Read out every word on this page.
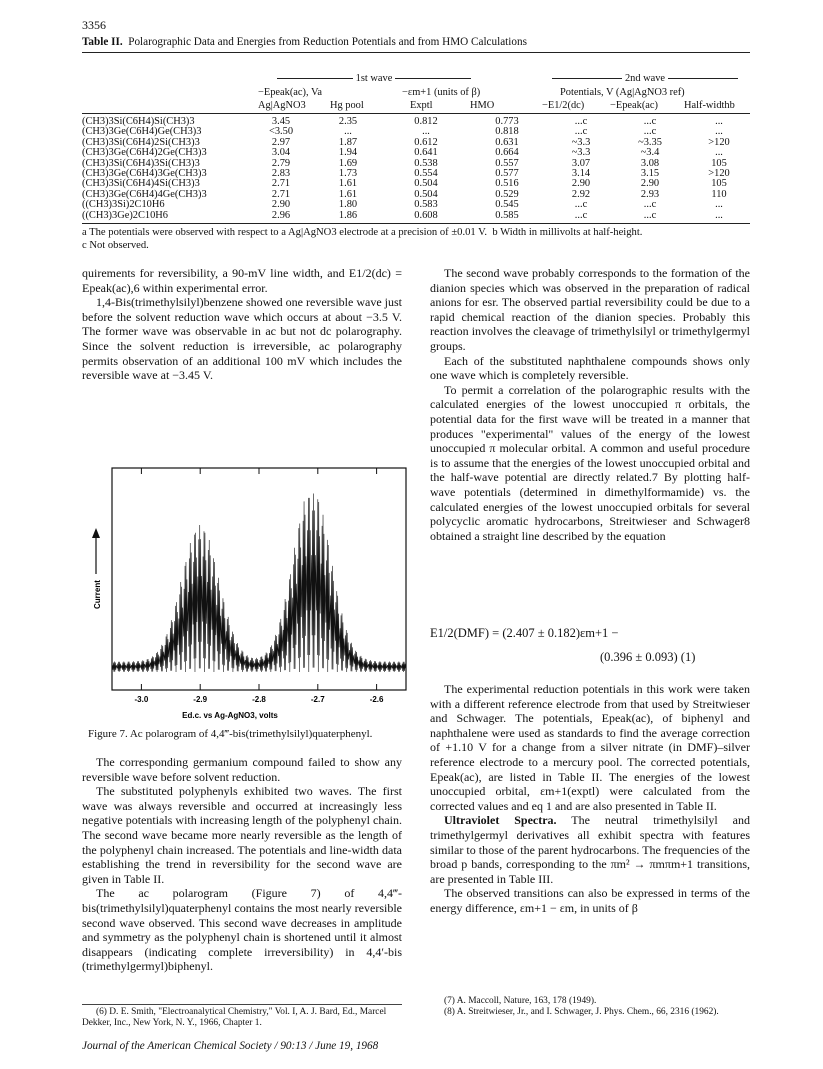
3356
Table II. Polarographic Data and Energies from Reduction Potentials and from HMO Calculations
1st wave	2nd wave
−Epeak(ac), Va	−εm+1 (units of β)	Potentials, V (Ag|AgNO3 ref)
Ag|AgNO3 Hg pool	Exptl	HMO	−E1/2(dc) −Epeak(ac)	Half-widthb
(CH3)3Si(C6H4)Si(CH3)3	3.45	2.35	0.812	0.773	...c	...c	...
(CH3)3Ge(C6H4)Ge(CH3)3	<3.50	...	...	0.818	...c	...c	...
(CH3)3Si(C6H4)2Si(CH3)3	2.97	1.87	0.612	0.631	~3.3	~3.35	>120
(CH3)3Ge(C6H4)2Ge(CH3)3	3.04	1.94	0.641	0.664	~3.3	~3.4	...
(CH3)3Si(C6H4)3Si(CH3)3	2.79	1.69	0.538	0.557	3.07	3.08	105
(CH3)3Ge(C6H4)3Ge(CH3)3	2.83	1.73	0.554	0.577	3.14	3.15	>120
(CH3)3Si(C6H4)4Si(CH3)3	2.71	1.61	0.504	0.516	2.90	2.90	105
(CH3)3Ge(C6H4)4Ge(CH3)3	2.71	1.61	0.504	0.529	2.92	2.93	110
((CH3)3Si)2C10H6	2.90	1.80	0.583	0.545	...c	...c	...
((CH3)3Ge)2C10H6	2.96	1.86	0.608	0.585	...c	...c	...
a The potentials were observed with respect to a Ag|AgNO3 electrode at a precision of ±0.01 V. b Width in millivolts at half-height.
c Not observed.

quirements for reversibility, a 90-mV line width, and E1/2(dc) = Epeak(ac),6 within experimental error.

1,4-Bis(trimethylsilyl)benzene showed one reversible wave just before the solvent reduction wave which occurs at about −3.5 V. The former wave was observable in ac but not dc polarography. Since the solvent reduction is irreversible, ac polarography permits observation of an additional 100 mV which includes the reversible wave at −3.45 V.

-3.0	-2.9	-2.8	-2.7	-2.6
Current
Ed.c. vs Ag-AgNO3, volts
Figure 7. Ac polarogram of 4,4‴-bis(trimethylsilyl)quaterphenyl.

The corresponding germanium compound failed to show any reversible wave before solvent reduction.

The substituted polyphenyls exhibited two waves. The first wave was always reversible and occurred at increasingly less negative potentials with increasing length of the polyphenyl chain. The second wave became more nearly reversible as the length of the polyphenyl chain increased. The potentials and line-width data establishing the trend in reversibility for the second wave are given in Table II.

The ac polarogram (Figure 7) of 4,4‴-bis(trimethylsilyl)quaterphenyl contains the most nearly reversible second wave observed. This second wave decreases in amplitude and symmetry as the polyphenyl chain is shortened until it almost disappears (indicating complete irreversibility) in 4,4′-bis (trimethylgermyl)biphenyl.

(6) D. E. Smith, "Electroanalytical Chemistry," Vol. I, A. J. Bard, Ed., Marcel Dekker, Inc., New York, N. Y., 1966, Chapter 1.

The second wave probably corresponds to the formation of the dianion species which was observed in the preparation of radical anions for esr. The observed partial reversibility could be due to a rapid chemical reaction of the dianion species. Probably this reaction involves the cleavage of trimethylsilyl or trimethylgermyl groups.

Each of the substituted naphthalene compounds shows only one wave which is completely reversible.

To permit a correlation of the polarographic results with the calculated energies of the lowest unoccupied π orbitals, the potential data for the first wave will be treated in a manner that produces "experimental" values of the energy of the lowest unoccupied π molecular orbital. A common and useful procedure is to assume that the energies of the lowest unoccupied orbital and the half-wave potential are directly related.7 By plotting half-wave potentials (determined in dimethylformamide) vs. the calculated energies of the lowest unoccupied orbitals for several polycyclic aromatic hydrocarbons, Streitwieser and Schwager8 obtained a straight line described by the equation

E1/2(DMF) = (2.407 ± 0.182)εm+1 −
(0.396 ± 0.093) (1)

The experimental reduction potentials in this work were taken with a different reference electrode from that used by Streitwieser and Schwager. The potentials, Epeak(ac), of biphenyl and naphthalene were used as standards to find the average correction of +1.10 V for a change from a silver nitrate (in DMF)–silver reference electrode to a mercury pool. The corrected potentials, Epeak(ac), are listed in Table II. The energies of the lowest unoccupied orbital, εm+1(exptl) were calculated from the corrected values and eq 1 and are also presented in Table II.

Ultraviolet Spectra. The neutral trimethylsilyl and trimethylgermyl derivatives all exhibit spectra with features similar to those of the parent hydrocarbons. The frequencies of the broad p bands, corresponding to the πm² → πmπm+1 transitions, are presented in Table III.

The observed transitions can also be expressed in terms of the energy difference, εm+1 − εm, in units of β

(7) A. Maccoll, Nature, 163, 178 (1949).

(8) A. Streitwieser, Jr., and I. Schwager, J. Phys. Chem., 66, 2316 (1962).

Journal of the American Chemical Society / 90:13 / June 19, 1968
